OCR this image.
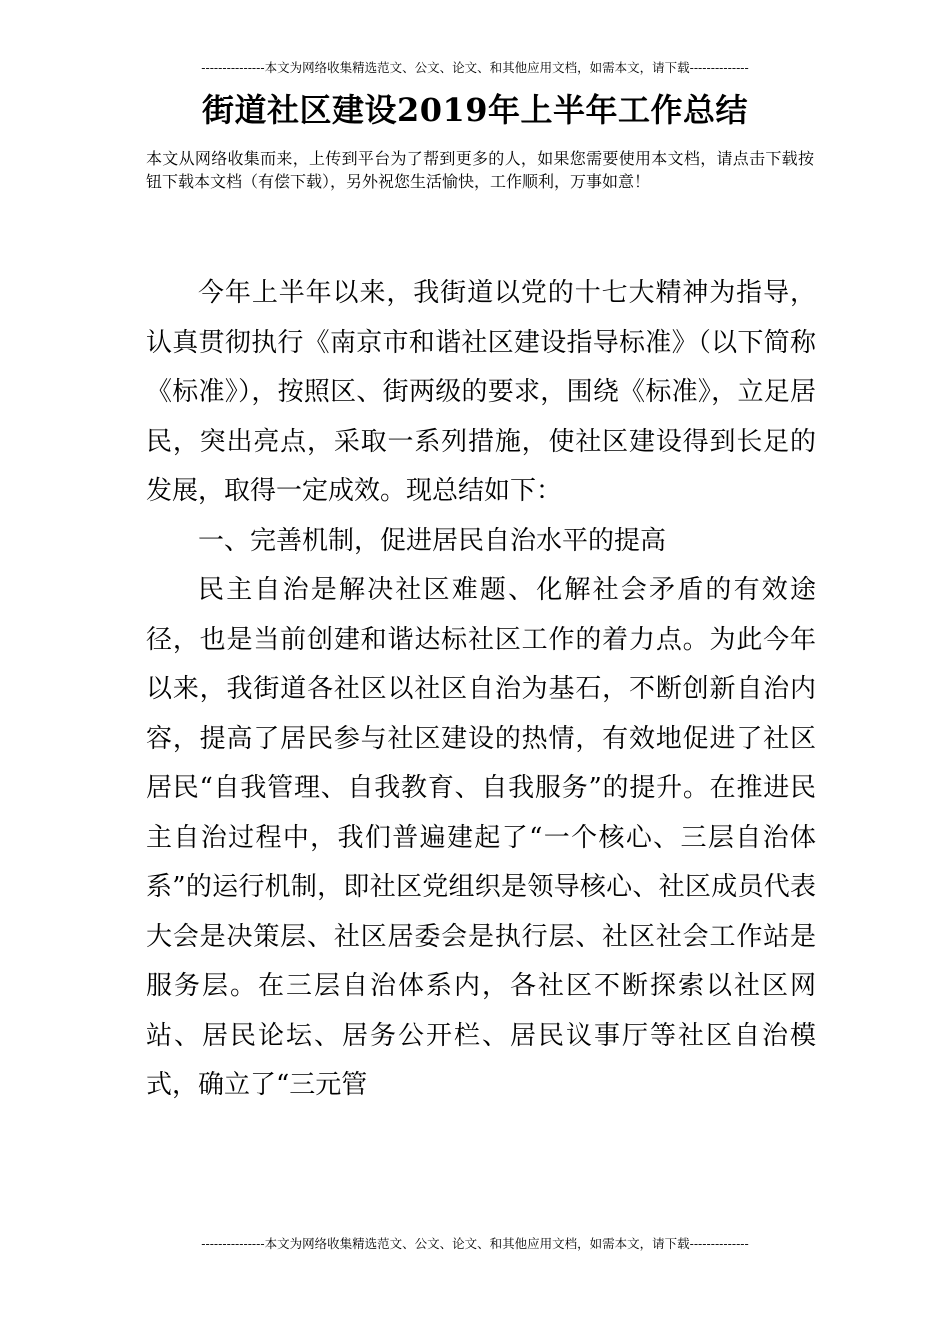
---------------本文为网络收集精选范文、公文、论文、和其他应用文档，如需本文，请下载--------------
街道社区建设2019年上半年工作总结
本文从网络收集而来，上传到平台为了帮到更多的人，如果您需要使用本文档，请点击下载按钮下载本文档（有偿下载），另外祝您生活愉快，工作顺利，万事如意！

今年上半年以来，我街道以党的十七大精神为指导，认真贯彻执行《南京市和谐社区建设指导标准》（以下简称《标准》），按照区、街两级的要求，围绕《标准》，立足居民，突出亮点，采取一系列措施，使社区建设得到长足的发展，取得一定成效。现总结如下：

一、完善机制，促进居民自治水平的提高

民主自治是解决社区难题、化解社会矛盾的有效途径，也是当前创建和谐达标社区工作的着力点。为此今年以来，我街道各社区以社区自治为基石，不断创新自治内容，提高了居民参与社区建设的热情，有效地促进了社区居民“自我管理、自我教育、自我服务”的提升。在推进民主自治过程中，我们普遍建起了“一个核心、三层自治体系”的运行机制，即社区党组织是领导核心、社区成员代表大会是决策层、社区居委会是执行层、社区社会工作站是服务层。在三层自治体系内，各社区不断探索以社区网站、居民论坛、居务公开栏、居民议事厅等社区自治模式，确立了“三元管

---------------本文为网络收集精选范文、公文、论文、和其他应用文档，如需本文，请下载--------------
